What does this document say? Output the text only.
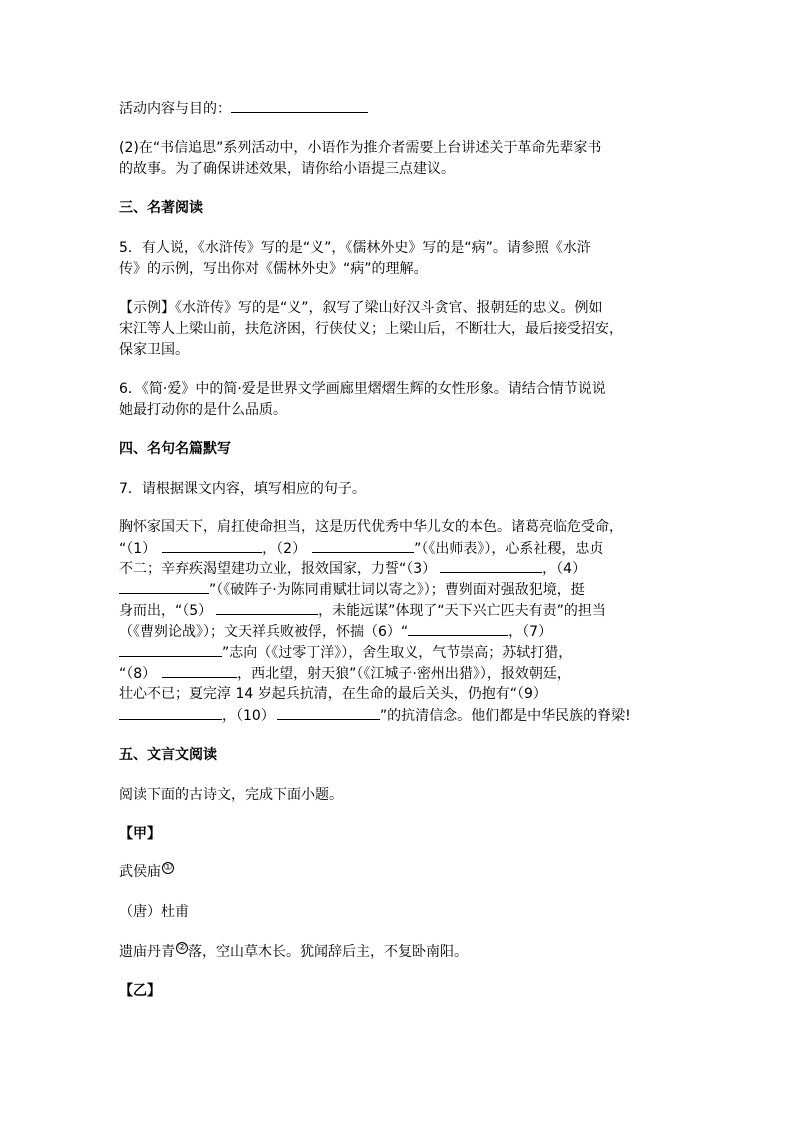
活动内容与目的：
(2)在“书信追思”系列活动中，小语作为推介者需要上台讲述关于革命先辈家书
的故事。为了确保讲述效果，请你给小语提三点建议。
三、名著阅读
5．有人说，《水浒传》写的是“义”，《儒林外史》写的是“病”。请参照《水浒
传》的示例，写出你对《儒林外史》“病”的理解。
【示例】《水浒传》写的是“义”，叙写了梁山好汉斗贪官、报朝廷的忠义。例如
宋江等人上梁山前，扶危济困，行侠仗义；上梁山后，不断壮大，最后接受招安，
保家卫国。
6．《简·爱》中的简·爱是世界文学画廊里熠熠生辉的女性形象。请结合情节说说
她最打动你的是什么品质。
四、名句名篇默写
7．请根据课文内容，填写相应的句子。
胸怀家国天下，肩扛使命担当，这是历代优秀中华儿女的本色。诸葛亮临危受命，
“（1）	，（2）	”（《出师表》），心系社稷，忠贞
不二；辛弃疾渴望建功立业，报效国家，力誓“（3）	，（4）
”（《破阵子·为陈同甫赋壮词以寄之》）；曹刿面对强敌犯境，挺
身而出，“（5）	，未能远谋”体现了“天下兴亡匹夫有责”的担当
（《曹刿论战》）；文天祥兵败被俘，怀揣（6）“	，（7）
”志向（《过零丁洋》），舍生取义，气节崇高；苏轼打猎，
“（8）	，西北望，射天狼”（《江城子·密州出猎》），报效朝廷，
壮心不已；夏完淳 14 岁起兵抗清，在生命的最后关头，仍抱有“（9）
，（10）	”的抗清信念。他们都是中华民族的脊梁!
五、文言文阅读
阅读下面的古诗文，完成下面小题。
【甲】
武侯庙 ①
（唐）杜甫
遗庙丹青 ② 落，空山草木长。犹闻辞后主，不复卧南阳。
【乙】
